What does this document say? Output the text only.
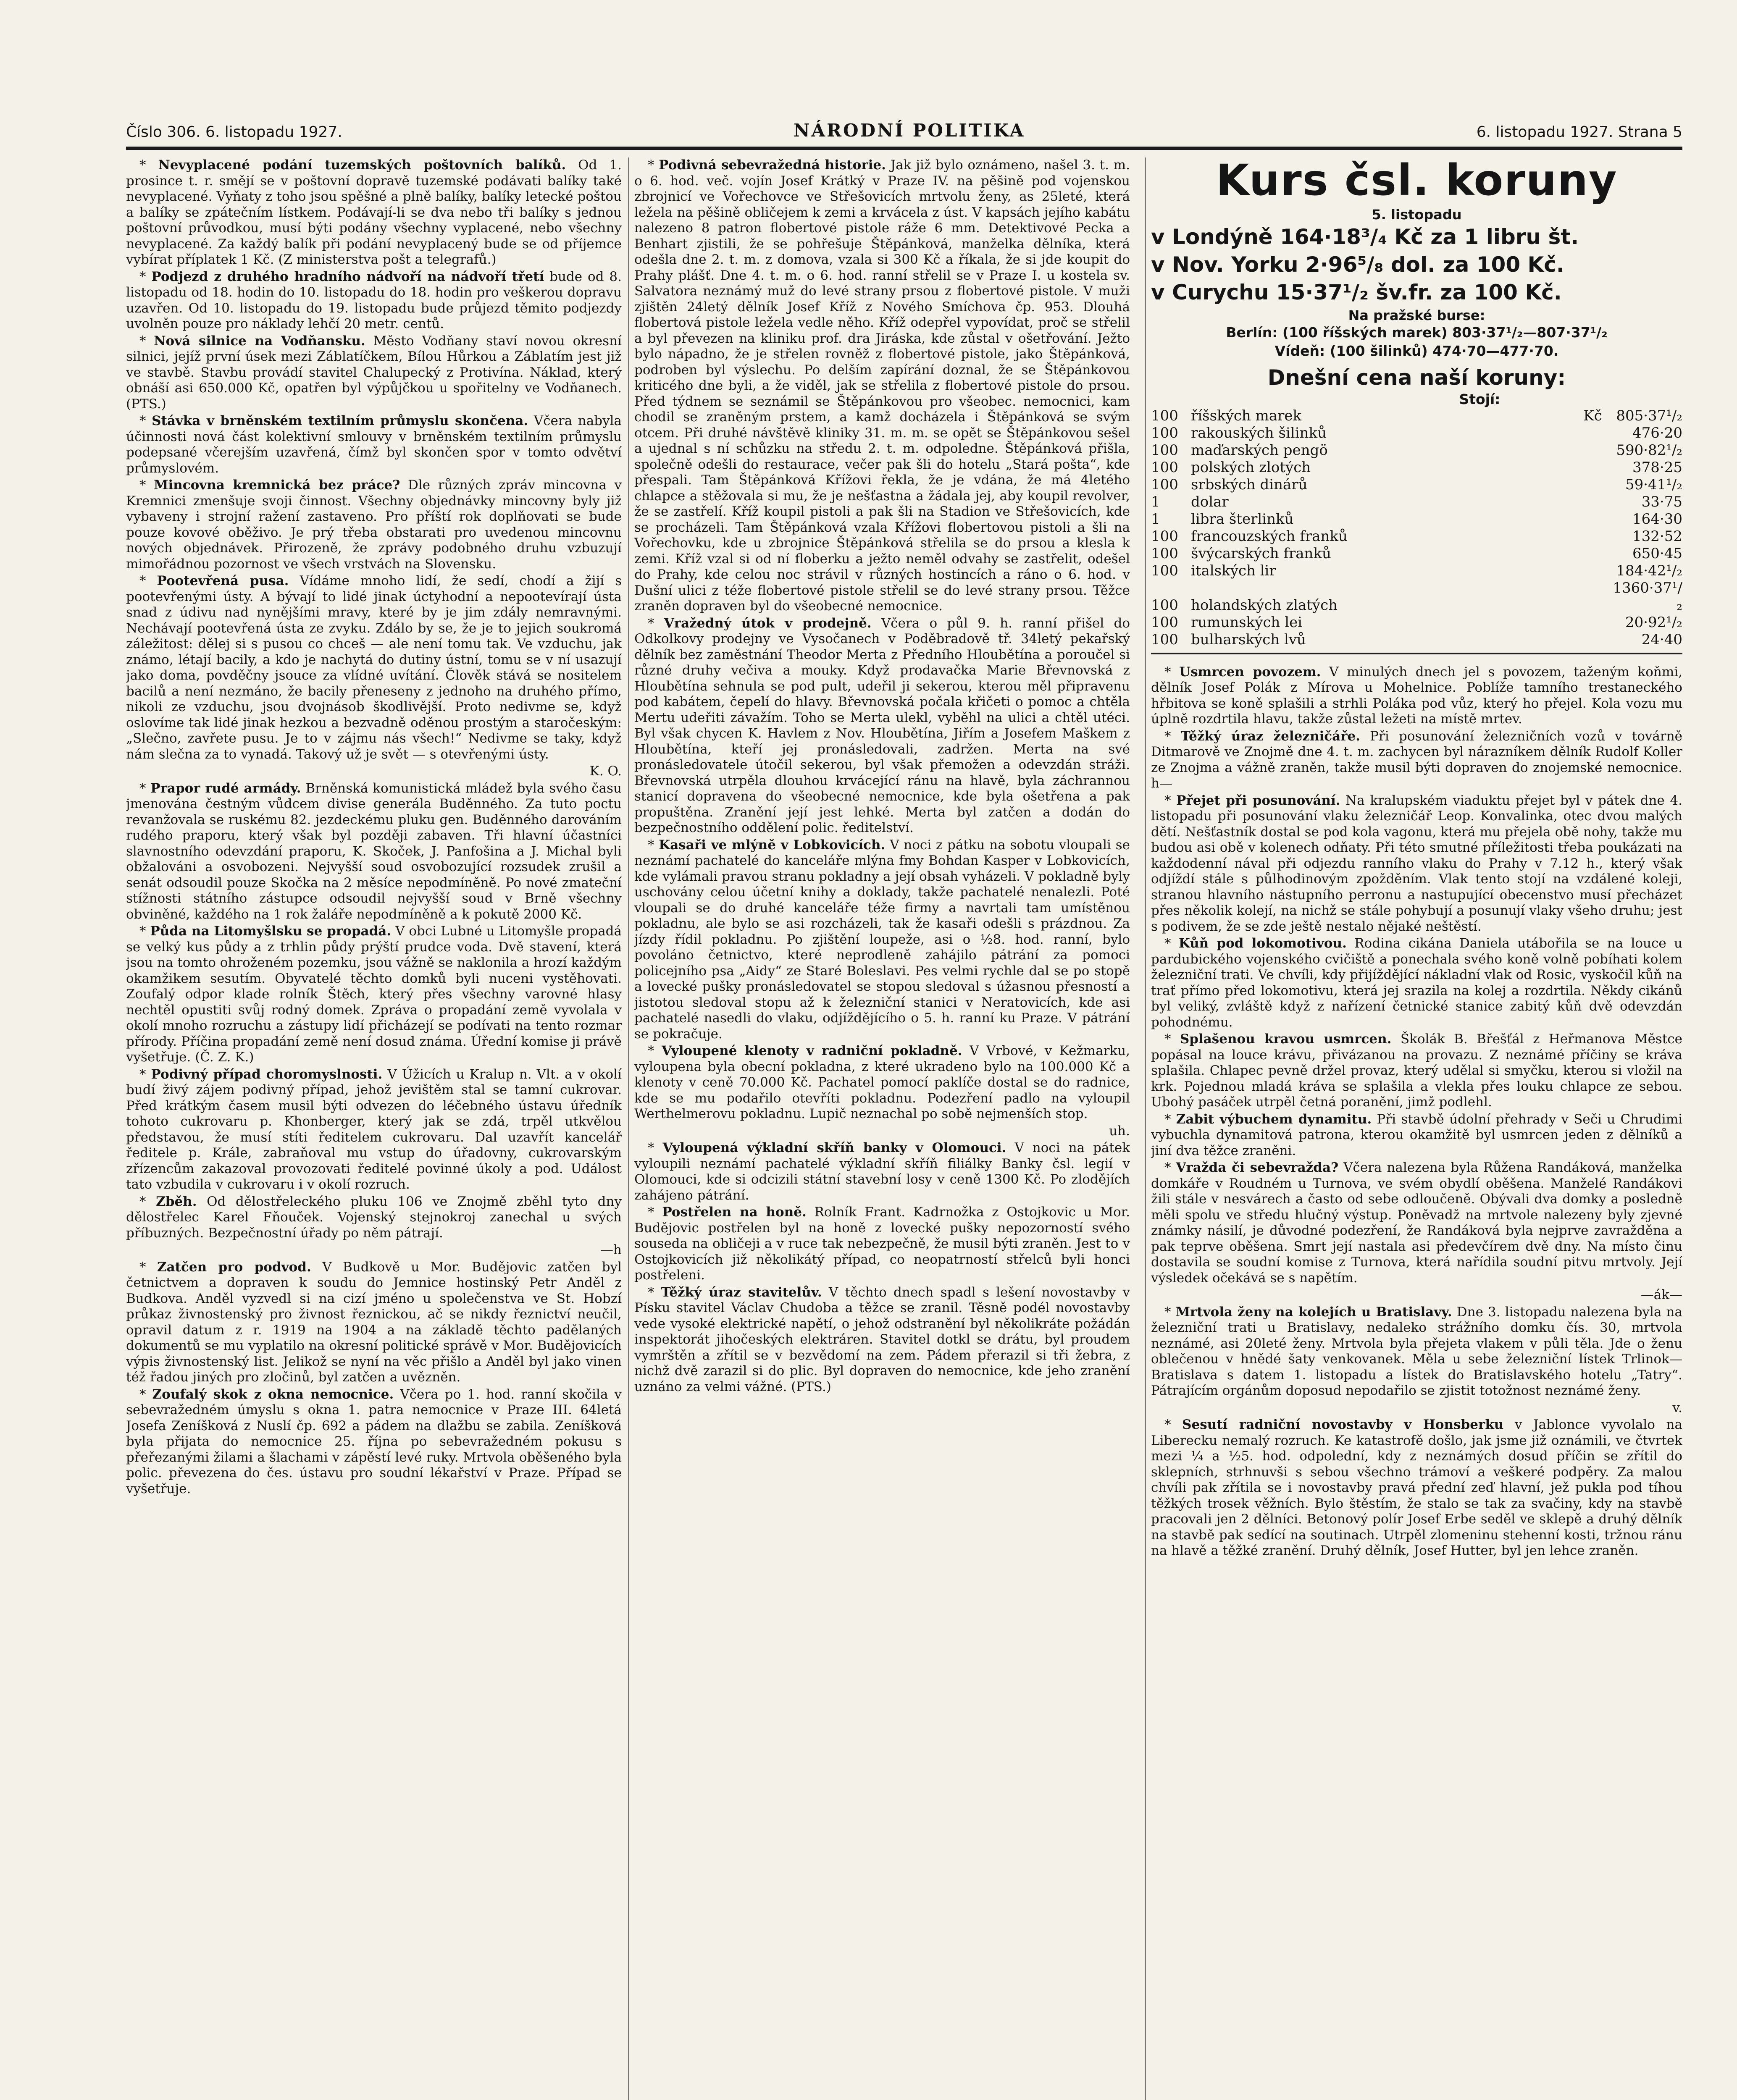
Číslo 306. 6. listopadu 1927.	NÁRODNÍ POLITIKA	6. listopadu 1927. Strana 5

* Nevyplacené podání tuzemských poštovních balíků. Od 1. prosince t. r. smějí se v poštovní dopravě tuzemské podávati balíky také nevyplacené. Vyňaty z toho jsou spěšné a plně balíky, balíky letecké poštou a balíky se zpátečním lístkem. Podávají-li se dva nebo tři balíky s jednou poštovní průvodkou, musí býti podány všechny vyplacené, nebo všechny nevyplacené. Za každý balík při podání nevyplacený bude se od příjemce vybírat příplatek 1 Kč. (Z ministerstva pošt a telegrafů.)

* Podjezd z druhého hradního nádvoří na nádvoří třetí bude od 8. listopadu od 18. hodin do 10. listopadu do 18. hodin pro veškerou dopravu uzavřen. Od 10. listopadu do 19. listopadu bude průjezd těmito podjezdy uvolněn pouze pro náklady lehčí 20 metr. centů.

* Nová silnice na Vodňansku. Město Vodňany staví novou okresní silnici, jejíž první úsek mezi Záblatíčkem, Bílou Hůrkou a Záblatím jest již ve stavbě. Stavbu provádí stavitel Chalupecký z Protivína. Náklad, který obnáší asi 650.000 Kč, opatřen byl výpůjčkou u spořitelny ve Vodňanech. (PTS.)

* Stávka v brněnském textilním průmyslu skončena. Včera nabyla účinnosti nová část kolektivní smlouvy v brněnském textilním průmyslu podepsané včerejším uzavřená, čímž byl skončen spor v tomto odvětví průmyslovém.

* Mincovna kremnická bez práce? Dle různých zpráv mincovna v Kremnici zmenšuje svoji činnost. Všechny objednávky mincovny byly již vybaveny i strojní ražení zastaveno. Pro příští rok doplňovati se bude pouze kovové oběživo. Je prý třeba obstarati pro uvedenou mincovnu nových objednávek. Přirozeně, že zprávy podobného druhu vzbuzují mimořádnou pozornost ve všech vrstvách na Slovensku.

* Pootevřená pusa. Vídáme mnoho lidí, že sedí, chodí a žijí s pootevřenými ústy. A bývají to lidé jinak úctyhodní a nepootevírají ústa snad z údivu nad nynějšími mravy, které by je jim zdály nemravnými. Nechávají pootevřená ústa ze zvyku. Zdálo by se, že je to jejich soukromá záležitost: dělej si s pusou co chceš — ale není tomu tak. Ve vzduchu, jak známo, létají bacily, a kdo je nachytá do dutiny ústní, tomu se v ní usazují jako doma, povděčny jsouce za vlídné uvítání. Člověk stává se nositelem bacilů a není nezmáno, že bacily přeneseny z jednoho na druhého přímo, nikoli ze vzduchu, jsou dvojnásob škodlivější. Proto nedivme se, když oslovíme tak lidé jinak hezkou a bezvadně oděnou prostým a staročeským: „Slečno, zavřete pusu. Je to v zájmu nás všech!“ Nedivme se taky, když nám slečna za to vynadá. Takový už je svět — s otevřenými ústy.

K. O.

* Prapor rudé armády. Brněnská komunistická mládež byla svého času jmenována čestným vůdcem divise generála Buděnného. Za tuto poctu revanžovala se ruskému 82. jezdeckému pluku gen. Buděnného darováním rudého praporu, který však byl později zabaven. Tři hlavní účastníci slavnostního odevzdání praporu, K. Skoček, J. Panfošina a J. Michal byli obžalováni a osvobozeni. Nejvyšší soud osvobozující rozsudek zrušil a senát odsoudil pouze Skočka na 2 měsíce nepodmíněně. Po nové zmateční stížnosti státního zástupce odsoudil nejvyšší soud v Brně všechny obviněné, každého na 1 rok žaláře nepodmíněně a k pokutě 2000 Kč.

* Půda na Litomyšlsku se propadá. V obci Lubné u Litomyšle propadá se velký kus půdy a z trhlin půdy prýští prudce voda. Dvě stavení, která jsou na tomto ohroženém pozemku, jsou vážně se naklonila a hrozí každým okamžikem sesutím. Obyvatelé těchto domků byli nuceni vystěhovati. Zoufalý odpor klade rolník Štěch, který přes všechny varovné hlasy nechtěl opustiti svůj rodný domek. Zpráva o propadání země vyvolala v okolí mnoho rozruchu a zástupy lidí přicházejí se podívati na tento rozmar přírody. Příčina propadání země není dosud známa. Úřední komise ji právě vyšetřuje. (Č. Z. K.)

* Podivný případ choromyslnosti. V Úžicích u Kralup n. Vlt. a v okolí budí živý zájem podivný případ, jehož jevištěm stal se tamní cukrovar. Před krátkým časem musil býti odvezen do léčebného ústavu úředník tohoto cukrovaru p. Khonberger, který jak se zdá, trpěl utkvělou představou, že musí stíti ředitelem cukrovaru. Dal uzavřít kancelář ředitele p. Krále, zabraňoval mu vstup do úřadovny, cukrovarským zřízencům zakazoval provozovati ředitelé povinné úkoly a pod. Událost tato vzbudila v cukrovaru i v okolí rozruch.

* Zběh. Od dělostřeleckého pluku 106 ve Znojmě zběhl tyto dny dělostřelec Karel Fňouček. Vojenský stejnokroj zanechal u svých příbuzných. Bezpečnostní úřady po něm pátrají.

—h

* Zatčen pro podvod. V Budkově u Mor. Budějovic zatčen byl četnictvem a dopraven k soudu do Jemnice hostinský Petr Anděl z Budkova. Anděl vyzvedl si na cizí jméno u společenstva ve St. Hobzí průkaz živnostenský pro živnost řeznickou, ač se nikdy řeznictví neučil, opravil datum z r. 1919 na 1904 a na základě těchto padělaných dokumentů se mu vyplatilo na okresní politické správě v Mor. Budějovicích výpis živnostenský list. Jelikož se nyní na věc přišlo a Anděl byl jako vinen též řadou jiných pro zločinů, byl zatčen a uvězněn.

* Zoufalý skok z okna nemocnice. Včera po 1. hod. ranní skočila v sebevražedném úmyslu s okna 1. patra nemocnice v Praze III. 64letá Josefa Zeníšková z Nuslí čp. 692 a pádem na dlažbu se zabila. Zeníšková byla přijata do nemocnice 25. října po sebevražedném pokusu s přeřezanými žilami a šlachami v zápěstí levé ruky. Mrtvola oběšeného byla polic. převezena do čes. ústavu pro soudní lékařství v Praze. Případ se vyšetřuje.

* Podivná sebevražedná historie. Jak již bylo oznámeno, našel 3. t. m. o 6. hod. več. vojín Josef Krátký v Praze IV. na pěšině pod vojenskou zbrojnicí ve Vořechovce ve Střešovicích mrtvolu ženy, as 25leté, která ležela na pěšině obličejem k zemi a krvácela z úst. V kapsách jejího kabátu nalezeno 8 patron flobertové pistole ráže 6 mm. Detektivové Pecka a Benhart zjistili, že se pohřešuje Štěpánková, manželka dělníka, která odešla dne 2. t. m. z domova, vzala si 300 Kč a říkala, že si jde koupit do Prahy plášť. Dne 4. t. m. o 6. hod. ranní střelil se v Praze I. u kostela sv. Salvatora neznámý muž do levé strany prsou z flobertové pistole. V muži zjištěn 24letý dělník Josef Kříž z Nového Smíchova čp. 953. Dlouhá flobertová pistole ležela vedle něho. Kříž odepřel vypovídat, proč se střelil a byl převezen na kliniku prof. dra Jiráska, kde zůstal v ošetřování. Ježto bylo nápadno, že je střelen rovněž z flobertové pistole, jako Štěpánková, podroben byl výslechu. Po delším zapírání doznal, že se Štěpánkovou kriticého dne byli, a že viděl, jak se střelila z flobertové pistole do prsou. Před týdnem se seznámil se Štěpánkovou pro všeobec. nemocnici, kam chodil se zraněným prstem, a kamž docházela i Štěpánková se svým otcem. Při druhé návštěvě kliniky 31. m. m. se opět se Štěpánkovou sešel a ujednal s ní schůzku na středu 2. t. m. odpoledne. Štěpánková přišla, společně odešli do restaurace, večer pak šli do hotelu „Stará pošta“, kde přespali. Tam Štěpánková Křížovi řekla, že je vdána, že má 4letého chlapce a stěžovala si mu, že je nešťastna a žádala jej, aby koupil revolver, že se zastřelí. Kříž koupil pistoli a pak šli na Stadion ve Střešovicích, kde se procházeli. Tam Štěpánková vzala Křížovi flobertovou pistoli a šli na Vořechovku, kde u zbrojnice Štěpánková střelila se do prsou a klesla k zemi. Kříž vzal si od ní floberku a ježto neměl odvahy se zastřelit, odešel do Prahy, kde celou noc strávil v různých hostincích a ráno o 6. hod. v Dušní ulici z téže flobertové pistole střelil se do levé strany prsou. Těžce zraněn dopraven byl do všeobecné nemocnice.

* Vražedný útok v prodejně. Včera o půl 9. h. ranní přišel do Odkolkovy prodejny ve Vysočanech v Poděbradově tř. 34letý pekařský dělník bez zaměstnání Theodor Merta z Předního Hloubětína a poroučel si různé druhy večiva a mouky. Když prodavačka Marie Břevnovská z Hloubětína sehnula se pod pult, udeřil ji sekerou, kterou měl připravenu pod kabátem, čepelí do hlavy. Břevnovská počala křičeti o pomoc a chtěla Mertu udeřiti závažím. Toho se Merta ulekl, vyběhl na ulici a chtěl utéci. Byl však chycen K. Havlem z Nov. Hloubětína, Jiřím a Josefem Maškem z Hloubětína, kteří jej pronásledovali, zadržen. Merta na své pronásledovatele útočil sekerou, byl však přemožen a odevzdán stráži. Břevnovská utrpěla dlouhou krvácející ránu na hlavě, byla záchrannou stanicí dopravena do všeobecné nemocnice, kde byla ošetřena a pak propuštěna. Zranění její jest lehké. Merta byl zatčen a dodán do bezpečnostního oddělení polic. ředitelství.

* Kasaři ve mlýně v Lobkovicích. V noci z pátku na sobotu vloupali se neznámí pachatelé do kanceláře mlýna fmy Bohdan Kasper v Lobkovicích, kde vylámali pravou stranu pokladny a její obsah vyházeli. V pokladně byly uschovány celou účetní knihy a doklady, takže pachatelé nenalezli. Poté vloupali se do druhé kanceláře téže firmy a navrtali tam umístěnou pokladnu, ale bylo se asi rozcházeli, tak že kasaři odešli s prázdnou. Za jízdy řídil pokladnu. Po zjištění loupeže, asi o ½8. hod. ranní, bylo povoláno četnictvo, které neprodleně zahájilo pátrání za pomoci policejního psa „Aidy“ ze Staré Boleslavi. Pes velmi rychle dal se po stopě a lovecké pušky pronásledovatel se stopou sledoval s úžasnou přesností a jistotou sledoval stopu až k železniční stanici v Neratovicích, kde asi pachatelé nasedli do vlaku, odjíždějícího o 5. h. ranní ku Praze. V pátrání se pokračuje.

* Vyloupené klenoty v radniční pokladně. V Vrbové, v Kežmarku, vyloupena byla obecní pokladna, z které ukradeno bylo na 100.000 Kč a klenoty v ceně 70.000 Kč. Pachatel pomocí paklíče dostal se do radnice, kde se mu podařilo otevříti pokladnu. Podezření padlo na vyloupil Werthelmerovu pokladnu. Lupič neznachal po sobě nejmenších stop.

uh.

* Vyloupená výkladní skříň banky v Olomouci. V noci na pátek vyloupili neznámí pachatelé výkladní skříň filiálky Banky čsl. legií v Olomouci, kde si odcizili státní stavební losy v ceně 1300 Kč. Po zlodějích zahájeno pátrání.

* Postřelen na honě. Rolník Frant. Kadrnožka z Ostojkovic u Mor. Budějovic postřelen byl na honě z lovecké pušky nepozorností svého souseda na obličeji a v ruce tak nebezpečně, že musil býti zraněn. Jest to v Ostojkovicích již několikátý případ, co neopatrností střelců byli honci postřeleni.

* Těžký úraz stavitelův. V těchto dnech spadl s lešení novostavby v Písku stavitel Václav Chudoba a těžce se zranil. Těsně podél novostavby vede vysoké elektrické napětí, o jehož odstranění byl několikráte požádán inspektorát jihočeských elektráren. Stavitel dotkl se drátu, byl proudem vymrštěn a zřítil se v bezvědomí na zem. Pádem přerazil si tři žebra, z nichž dvě zarazil si do plic. Byl dopraven do nemocnice, kde jeho zranění uznáno za velmi vážné. (PTS.)

Kurs čsl. koruny
5. listopadu
v Londýně 164·18³/₄ Kč za 1 libru št.
v Nov. Yorku 2·96⁵/₈ dol. za 100 Kč.
v Curychu 15·37¹/₂ šv.fr. za 100 Kč.
Na pražské burse:
Berlín: (100 říšských marek) 803·37¹/₂—807·37¹/₂
Vídeň: (100 šilinků) 474·70—477·70.
Dnešní cena naší koruny:
Stojí:
100	říšských marek	Kč	805·37¹/₂
100	rakouských šilinků		476·20
100	maďarských pengö		590·82¹/₂
100	polských zlotých		378·25
100	srbských dinárů		59·41¹/₂
1	dolar		33·75
1	libra šterlinků		164·30
100	francouzských franků		132·52
100	švýcarských franků		650·45
100	italských lir		184·42¹/₂
100	holandských zlatých		1360·37¹/₂
100	rumunských lei		20·92¹/₂
100	bulharských lvů		24·40

* Usmrcen povozem. V minulých dnech jel s povozem, taženým koňmi, dělník Josef Polák z Mírova u Mohelnice. Poblíže tamního trestaneckého hřbitova se koně splašili a strhli Poláka pod vůz, který ho přejel. Kola vozu mu úplně rozdrtila hlavu, takže zůstal ležeti na místě mrtev.

* Těžký úraz železničáře. Při posunování železničních vozů v továrně Ditmarově ve Znojmě dne 4. t. m. zachycen byl nárazníkem dělník Rudolf Koller ze Znojma a vážně zraněn, takže musil býti dopraven do znojemské nemocnice. h—

* Přejet při posunování. Na kralupském viaduktu přejet byl v pátek dne 4. listopadu při posunování vlaku železničář Leop. Konvalinka, otec dvou malých dětí. Nešťastník dostal se pod kola vagonu, která mu přejela obě nohy, takže mu budou asi obě v kolenech odňaty. Při této smutné příležitosti třeba poukázati na každodenní nával při odjezdu ranního vlaku do Prahy v 7.12 h., který však odjíždí stále s půlhodinovým zpožděním. Vlak tento stojí na vzdálené koleji, stranou hlavního nástupního perronu a nastupující obecenstvo musí přecházet přes několik kolejí, na nichž se stále pohybují a posunují vlaky všeho druhu; jest s podivem, že se zde ještě nestalo nějaké neštěstí.

* Kůň pod lokomotivou. Rodina cikána Daniela utábořila se na louce u pardubického vojenského cvičiště a ponechala svého koně volně pobíhati kolem železniční trati. Ve chvíli, kdy přijíždějící nákladní vlak od Rosic, vyskočil kůň na trať přímo před lokomotivu, která jej srazila na kolej a rozdrtila. Někdy cikánů byl veliký, zvláště když z nařízení četnické stanice zabitý kůň dvě odevzdán pohodnému.

* Splašenou kravou usmrcen. Školák B. Břešťál z Heřmanova Městce popásal na louce krávu, přivázanou na provazu. Z neznámé příčiny se kráva splašila. Chlapec pevně držel provaz, který udělal si smyčku, kterou si vložil na krk. Pojednou mladá kráva se splašila a vlekla přes louku chlapce ze sebou. Ubohý pasáček utrpěl četná poranění, jimž podlehl.

* Zabit výbuchem dynamitu. Při stavbě údolní přehrady v Seči u Chrudimi vybuchla dynamitová patrona, kterou okamžitě byl usmrcen jeden z dělníků a jiní dva těžce zraněni.

* Vražda či sebevražda? Včera nalezena byla Růžena Randáková, manželka domkáře v Roudném u Turnova, ve svém obydlí oběšena. Manželé Randákovi žili stále v nesvárech a často od sebe odloučeně. Obývali dva domky a posledně měli spolu ve středu hlučný výstup. Poněvadž na mrtvole nalezeny byly zjevné známky násilí, je důvodné podezření, že Randáková byla nejprve zavražděna a pak teprve oběšena. Smrt její nastala asi předevčírem dvě dny. Na místo činu dostavila se soudní komise z Turnova, která nařídila soudní pitvu mrtvoly. Její výsledek očekává se s napětím.

—ák—

* Mrtvola ženy na kolejích u Bratislavy. Dne 3. listopadu nalezena byla na železniční trati u Bratislavy, nedaleko strážního domku čís. 30, mrtvola neznámé, asi 20leté ženy. Mrtvola byla přejeta vlakem v půli těla. Jde o ženu oblečenou v hnědé šaty venkovanek. Měla u sebe železniční lístek Trlinok—Bratislava s datem 1. listopadu a lístek do Bratislavského hotelu „Tatry“. Pátrajícím orgánům doposud nepodařilo se zjistit totožnost neznámé ženy.

v.

* Sesutí radniční novostavby v Honsberku v Jablonce vyvolalo na Liberecku nemalý rozruch. Ke katastrofě došlo, jak jsme již oznámili, ve čtvrtek mezi ¼ a ½5. hod. odpolední, kdy z neznámých dosud příčin se zřítil do sklepních, strhnuvši s sebou všechno trámoví a veškeré podpěry. Za malou chvíli pak zřítila se i novostavby pravá přední zeď hlavní, jež pukla pod tíhou těžkých trosek věžních. Bylo štěstím, že stalo se tak za svačiny, kdy na stavbě pracovali jen 2 dělníci. Betonový polír Josef Erbe seděl ve sklepě a druhý dělník na stavbě pak sedící na soutinach. Utrpěl zlomeninu stehenní kosti, tržnou ránu na hlavě a těžké zranění. Druhý dělník, Josef Hutter, byl jen lehce zraněn.
